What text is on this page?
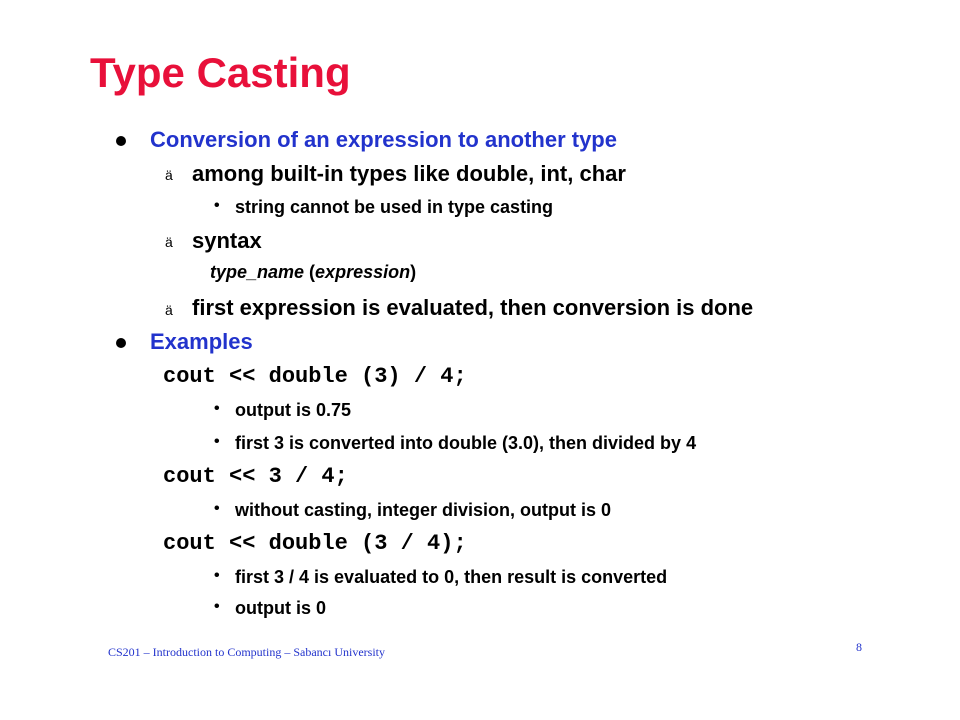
Type Casting
Conversion of an expression to another type
ä among built-in types like double, int, char
• string cannot be used in type casting
ä syntax
type_name (expression)
ä first expression is evaluated, then conversion is done
Examples
cout << double (3) / 4;
• output is 0.75
• first 3 is converted into double (3.0), then divided by 4
cout << 3 / 4;
• without casting, integer division, output is 0
cout << double (3 / 4);
• first 3 / 4 is evaluated to 0, then result is converted
• output is 0
CS201 – Introduction to Computing – Sabancı University	8
